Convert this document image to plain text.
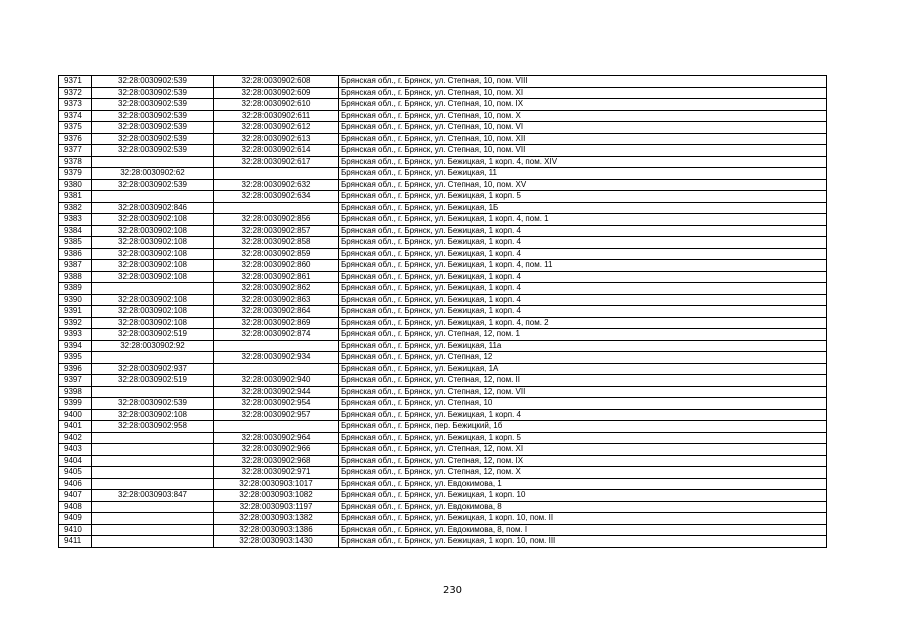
9371	32:28:0030902:539	32:28:0030902:608	Брянская обл., г. Брянск, ул. Степная, 10, пом. VIII
9372	32:28:0030902:539	32:28:0030902:609	Брянская обл., г. Брянск, ул. Степная, 10, пом. XI
9373	32:28:0030902:539	32:28:0030902:610	Брянская обл., г. Брянск, ул. Степная, 10, пом. IX
9374	32:28:0030902:539	32:28:0030902:611	Брянская обл., г. Брянск, ул. Степная, 10, пом. X
9375	32:28:0030902:539	32:28:0030902:612	Брянская обл., г. Брянск, ул. Степная, 10, пом. VI
9376	32:28:0030902:539	32:28:0030902:613	Брянская обл., г. Брянск, ул. Степная, 10, пом. XII
9377	32:28:0030902:539	32:28:0030902:614	Брянская обл., г. Брянск, ул. Степная, 10, пом. VII
9378		32:28:0030902:617	Брянская обл., г. Брянск, ул. Бежицкая, 1 корп. 4, пом. XIV
9379	32:28:0030902:62		Брянская обл., г. Брянск, ул. Бежицкая, 11
9380	32:28:0030902:539	32:28:0030902:632	Брянская обл., г. Брянск, ул. Степная, 10, пом. XV
9381		32:28:0030902:634	Брянская обл., г. Брянск, ул. Бежицкая, 1 корп. 5
9382	32:28:0030902:846		Брянская обл., г. Брянск, ул. Бежицкая, 1Б
9383	32:28:0030902:108	32:28:0030902:856	Брянская обл., г. Брянск, ул. Бежицкая, 1 корп. 4, пом. 1
9384	32:28:0030902:108	32:28:0030902:857	Брянская обл., г. Брянск, ул. Бежицкая, 1 корп. 4
9385	32:28:0030902:108	32:28:0030902:858	Брянская обл., г. Брянск, ул. Бежицкая, 1 корп. 4
9386	32:28:0030902:108	32:28:0030902:859	Брянская обл., г. Брянск, ул. Бежицкая, 1 корп. 4
9387	32:28:0030902:108	32:28:0030902:860	Брянская обл., г. Брянск, ул. Бежицкая, 1 корп. 4, пом. 11
9388	32:28:0030902:108	32:28:0030902:861	Брянская обл., г. Брянск, ул. Бежицкая, 1 корп. 4
9389		32:28:0030902:862	Брянская обл., г. Брянск, ул. Бежицкая, 1 корп. 4
9390	32:28:0030902:108	32:28:0030902:863	Брянская обл., г. Брянск, ул. Бежицкая, 1 корп. 4
9391	32:28:0030902:108	32:28:0030902:864	Брянская обл., г. Брянск, ул. Бежицкая, 1 корп. 4
9392	32:28:0030902:108	32:28:0030902:869	Брянская обл., г. Брянск, ул. Бежицкая, 1 корп. 4, пом. 2
9393	32:28:0030902:519	32:28:0030902:874	Брянская обл., г. Брянск, ул. Степная, 12, пом. 1
9394	32:28:0030902:92		Брянская обл., г. Брянск, ул. Бежицкая, 11а
9395		32:28:0030902:934	Брянская обл., г. Брянск, ул. Степная, 12
9396	32:28:0030902:937		Брянская обл., г. Брянск, ул. Бежицкая, 1А
9397	32:28:0030902:519	32:28:0030902:940	Брянская обл., г. Брянск, ул. Степная, 12, пом. II
9398		32:28:0030902:944	Брянская обл., г. Брянск, ул. Степная, 12, пом. VII
9399	32:28:0030902:539	32:28:0030902:954	Брянская обл., г. Брянск, ул. Степная, 10
9400	32:28:0030902:108	32:28:0030902:957	Брянская обл., г. Брянск, ул. Бежицкая, 1 корп. 4
9401	32:28:0030902:958		Брянская обл., г. Брянск, пер. Бежицкий, 1б
9402		32:28:0030902:964	Брянская обл., г. Брянск, ул. Бежицкая, 1 корп. 5
9403		32:28:0030902:966	Брянская обл., г. Брянск, ул. Степная, 12, пом. XI
9404		32:28:0030902:968	Брянская обл., г. Брянск, ул. Степная, 12, пом. IX
9405		32:28:0030902:971	Брянская обл., г. Брянск, ул. Степная, 12, пом. X
9406		32:28:0030903:1017	Брянская обл., г. Брянск, ул. Евдокимова, 1
9407	32:28:0030903:847	32:28:0030903:1082	Брянская обл., г. Брянск, ул. Бежицкая, 1 корп. 10
9408		32:28:0030903:1197	Брянская обл., г. Брянск, ул. Евдокимова, 8
9409		32:28:0030903:1382	Брянская обл., г. Брянск, ул. Бежицкая, 1 корп. 10, пом. II
9410		32:28:0030903:1386	Брянская обл., г. Брянск, ул. Евдокимова, 8, пом. I
9411		32:28:0030903:1430	Брянская обл., г. Брянск, ул. Бежицкая, 1 корп. 10, пом. III
230
